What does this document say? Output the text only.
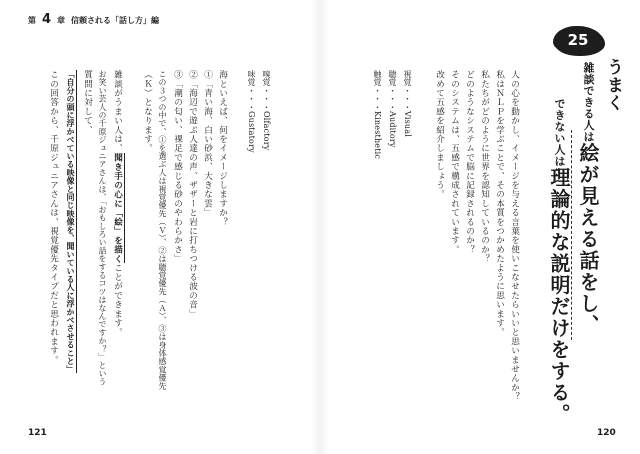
第 4 章 信頼される「話し方」編
25
うまく
雑談できる人は絵が見える話をし、
できない人は理論的な説明だけをする。
人の心を動かし、イメージを与える言葉を使いこなせたらいいと思いませんか？
私はＮＬＰを学ぶことで、その本質をつかめたように思います。
私たちがどのように世界を認知しているのか？
どのようなシステムで脳に記録されるのか？
そのシステムは、五感で構成されています。
改めて五感を紹介しましょう。
視覚・・・Visual
聴覚・・・Auditory
触覚・・・Kinesthetic
120
嗅覚・・・Olfactory
味覚・・・Gustatory
海といえば、何をイメージしますか？
①「青い海、白い砂浜、大きな雲」
②「海辺で遊ぶ人達の声、ザザーと岩に打ちつける波の音」
③「潮の匂い、裸足で感じる砂のやわらかさ」
この３つの中で、①を選ぶ人は視覚優先（Ｖ）、②は聴覚優先（Ａ）、③は身体感覚優先
（Ｋ）となります。
雑談がうまい人は、聞き手の心に「絵」を描くことができます。
お笑い芸人の千原ジュニアさんは、「おもしろい話をするコツはなんですか？」という
質問に対して、
「自分の頭に浮かべている映像と同じ映像を、聞いている人に浮かべさせること」
この回答から、千原ジュニアさんは、視覚優先タイプだと思われます。
121
